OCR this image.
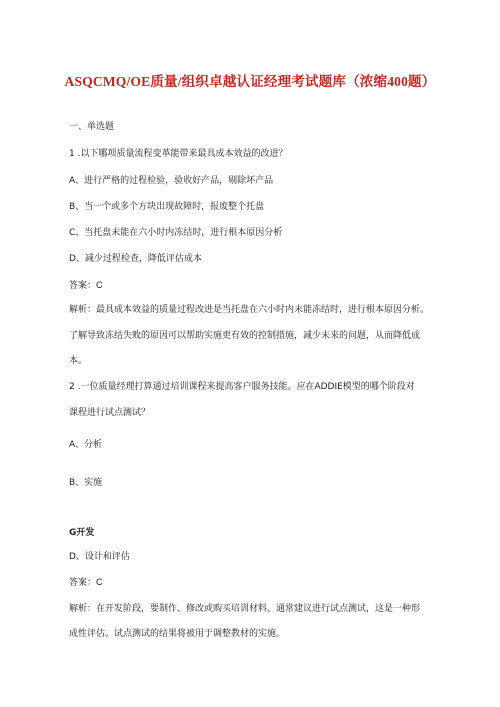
ASQCMQ/OE质量/组织卓越认证经理考试题库（浓缩400题）
一、单选题
1 .以下哪项质量流程变革能带来最具成本效益的改进？
A、进行严格的过程检验，验收好产品，剔除坏产品
B、当一个或多个方块出现故障时，报废整个托盘
C、当托盘未能在六小时内冻结时，进行根本原因分析
D、减少过程检查，降低评估成本
答案：C
解析：最具成本效益的质量过程改进是当托盘在六小时内未能冻结时，进行根本原因分析。
了解导致冻结失败的原因可以帮助实施更有效的控制措施，减少未来的问题，从而降低成
本。
2 .一位质量经理打算通过培训课程来提高客户服务技能。应在ADDIE模型的哪个阶段对
课程进行试点测试？
A、分析
B、实施
G开发
D、设计和评估
答案：C
解析：在开发阶段，要制作、修改或购买培训材料。通常建议进行试点测试，这是一种形
成性评估。试点测试的结果将被用于调整教材的实施。
